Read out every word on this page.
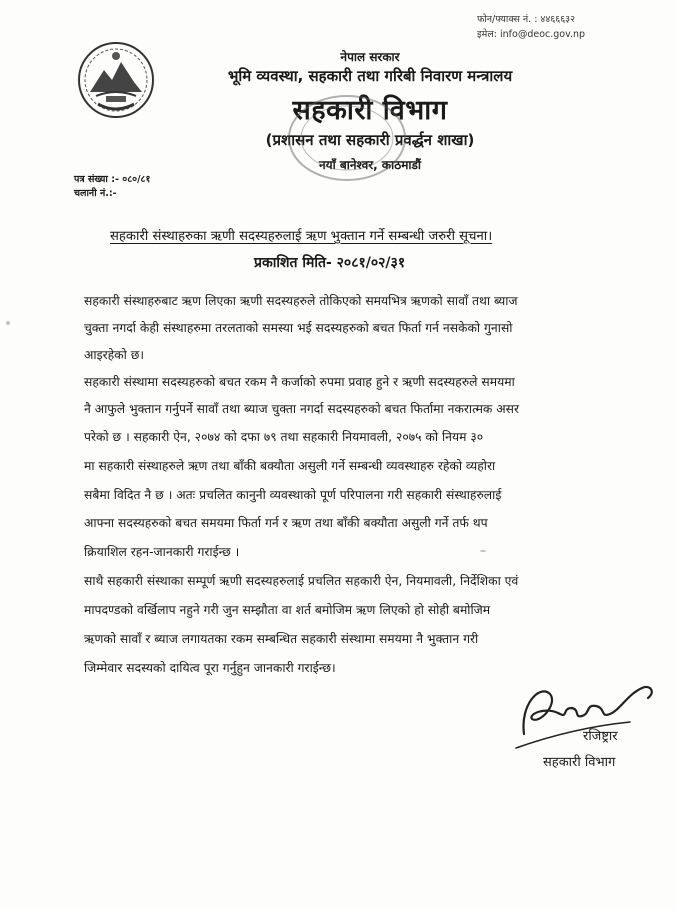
फोन/फ्याक्स नं. : ४४६६६३२
इमेल: info@deoc.gov.np
नेपाल सरकार
भूमि व्यवस्था, सहकारी तथा गरिबी निवारण मन्त्रालय
सहकारी विभाग
(प्रशासन तथा सहकारी प्रवर्द्धन शाखा)
नयाँ बानेश्वर, काठमाडौं
पत्र संख्या :- ०८०/८१
चलानी नं.:-
सहकारी संस्थाहरुका ऋणी सदस्यहरुलाई ऋण भुक्तान गर्ने सम्बन्धी जरुरी सूचना।
प्रकाशित मिति- २०८१/०२/३१
सहकारी संस्थाहरुबाट ऋण लिएका ऋणी सदस्यहरुले तोकिएको समयभित्र ऋणको सावाँ तथा ब्याज
चुक्ता नगर्दा केही संस्थाहरुमा तरलताको समस्या भई सदस्यहरुको बचत फिर्ता गर्न नसकेको गुनासो
आइरहेको छ।
सहकारी संस्थामा सदस्यहरुको बचत रकम नै कर्जाको रुपमा प्रवाह हुने र ऋणी सदस्यहरुले समयमा
नै आफुले भुक्तान गर्नुपर्ने सावाँ तथा ब्याज चुक्ता नगर्दा सदस्यहरुको बचत फिर्तामा नकरात्मक असर
परेको छ । सहकारी ऐन, २०७४ को दफा ७९ तथा सहकारी नियमावली, २०७५ को नियम ३०
मा सहकारी संस्थाहरुले ऋण तथा बाँकी बक्यौता असुली गर्ने सम्बन्धी व्यवस्थाहरु रहेको व्यहोरा
सबैमा विदित नै छ । अतः प्रचलित कानुनी व्यवस्थाको पूर्ण परिपालना गरी सहकारी संस्थाहरुलाई
आफ्ना सदस्यहरुको बचत समयमा फिर्ता गर्न र ऋण तथा बाँकी बक्यौता असुली गर्ने तर्फ थप
क्रियाशिल रहन-जानकारी गराईन्छ ।
साथै सहकारी संस्थाका सम्पूर्ण ऋणी सदस्यहरुलाई प्रचलित सहकारी ऐन, नियमावली, निर्देशिका एवं
मापदण्डको वर्खिलाप नहुने गरी जुन सम्झौता वा शर्त बमोजिम ऋण लिएको हो सोही बमोजिम
ऋणको सावाँ र ब्याज लगायतका रकम सम्बन्धित सहकारी संस्थामा समयमा नै भुक्तान गरी
जिम्मेवार सदस्यको दायित्व पूरा गर्नुहुन जानकारी गराईन्छ।
रजिष्ट्रार
सहकारी विभाग
